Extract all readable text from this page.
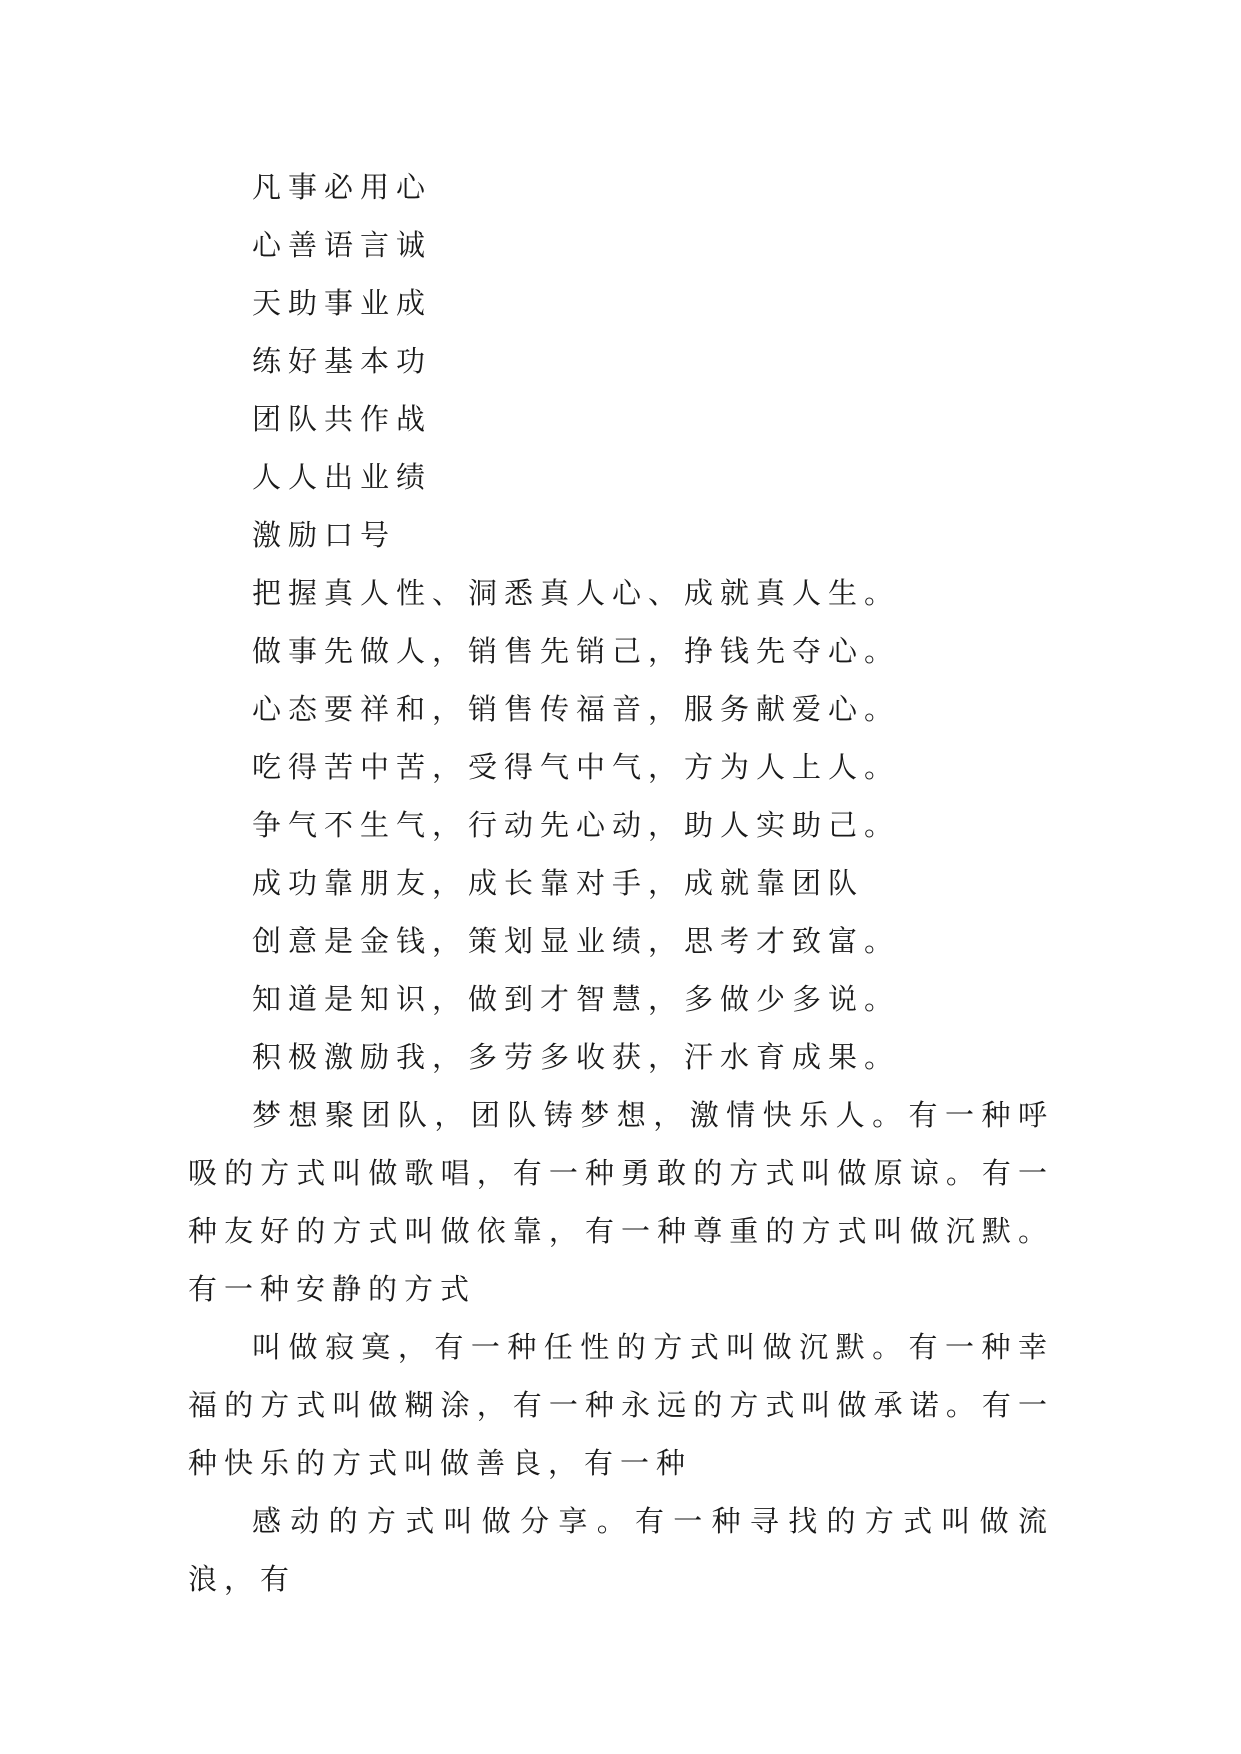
凡事必用心

心善语言诚

天助事业成

练好基本功

团队共作战

人人出业绩

激励口号

把握真人性、洞悉真人心、成就真人生。

做事先做人，销售先销己，挣钱先夺心。

心态要祥和，销售传福音，服务献爱心。

吃得苦中苦，受得气中气，方为人上人。

争气不生气，行动先心动，助人实助己。

成功靠朋友，成长靠对手，成就靠团队

创意是金钱，策划显业绩，思考才致富。

知道是知识，做到才智慧，多做少多说。

积极激励我，多劳多收获，汗水育成果。

梦想聚团队，团队铸梦想，激情快乐人。有一种呼吸的方式叫做歌唱，有一种勇敢的方式叫做原谅。有一种友好的方式叫做依靠，有一种尊重的方式叫做沉默。有一种安静的方式

叫做寂寞，有一种任性的方式叫做沉默。有一种幸福的方式叫做糊涂，有一种永远的方式叫做承诺。有一种快乐的方式叫做善良，有一种

感动的方式叫做分享。有一种寻找的方式叫做流浪，有
